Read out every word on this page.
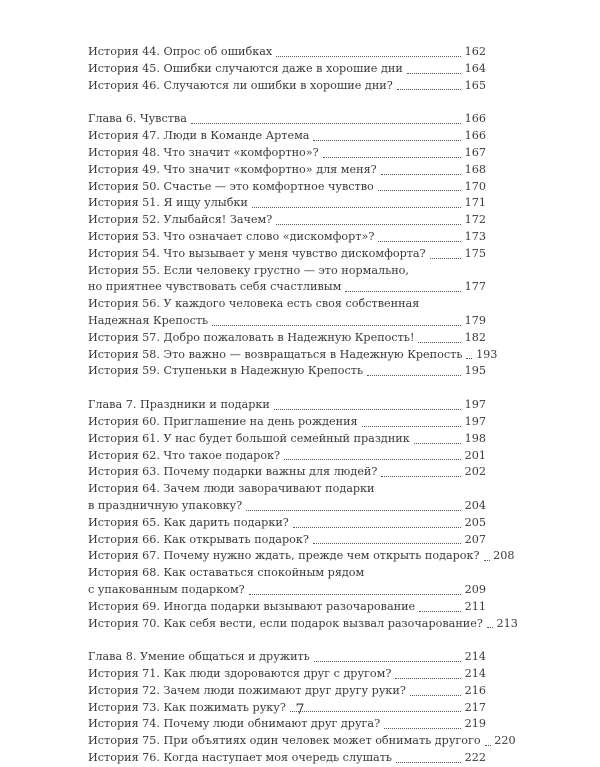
История 44. Опрос об ошибках	162
История 45. Ошибки случаются даже в хорошие дни	164
История 46. Случаются ли ошибки в хорошие дни?	165
Глава 6. Чувства	166
История 47. Люди в Команде Артема	166
История 48. Что значит «комфортно»?	167
История 49. Что значит «комфортно» для меня?	168
История 50. Счастье — это комфортное чувство	170
История 51. Я ищу улыбки	171
История 52. Улыбайся! Зачем?	172
История 53. Что означает слово «дискомфорт»?	173
История 54. Что вызывает у меня чувство дискомфорта?	175
История 55. Если человеку грустно — это нормально,
но приятнее чувствовать себя счастливым	177
История 56. У каждого человека есть своя собственная
Надежная Крепость	179
История 57. Добро пожаловать в Надежную Крепость!	182
История 58. Это важно — возвращаться в Надежную Крепость 193
История 59. Ступеньки в Надежную Крепость	195
Глава 7. Праздники и подарки	197
История 60. Приглашение на день рождения	197
История 61. У нас будет большой семейный праздник	198
История 62. Что такое подарок?	201
История 63. Почему подарки важны для людей?	202
История 64. Зачем люди заворачивают подарки
в праздничную упаковку?	204
История 65. Как дарить подарки?	205
История 66. Как открывать подарок?	207
История 67. Почему нужно ждать, прежде чем открыть подарок? 208
История 68. Как оставаться спокойным рядом
с упакованным подарком?	209
История 69. Иногда подарки вызывают разочарование	211
История 70. Как себя вести, если подарок вызвал разочарование? 213
Глава 8. Умение общаться и дружить	214
История 71. Как люди здороваются друг с другом?	214
История 72. Зачем люди пожимают друг другу руки?	216
История 73. Как пожимать руку?	217
История 74. Почему люди обнимают друг друга?	219
История 75. При объятиях один человек может обнимать другого 220
История 76. Когда наступает моя очередь слушать	222
7
